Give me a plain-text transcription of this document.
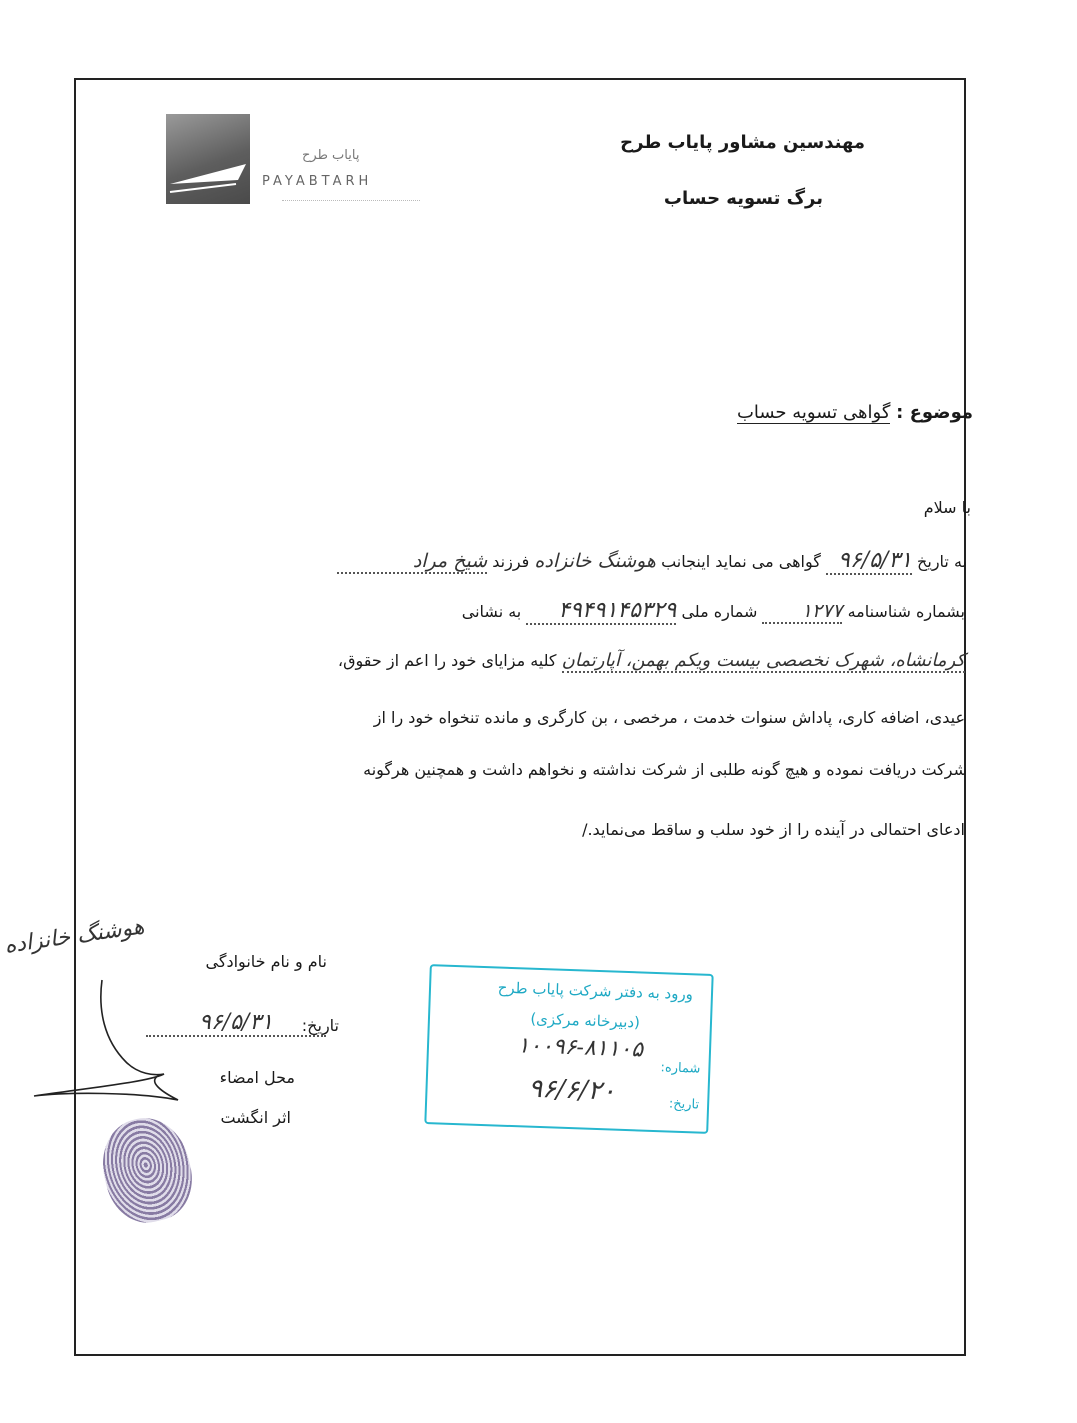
مهندسین مشاور پایاب طرح
برگ تسویه حساب
پایاب طرح
PAYABTARH
موضوع : گواهی تسویه حساب
با سلام
به تاریخ ۹۶/۵/۳۱ گواهی می نماید اینجانب هوشنگ خانزاده فرزند شیخ مراد
بشماره شناسنامه ۱۲۷۷ شماره ملی ۴۹۴۹۱۴۵۳۲۹ به نشانی
کرمانشاه، شهرک نخصصی بیست ویکم بهمن، آپارتمان کلیه مزایای خود را اعم از حقوق،
عیدی، اضافه کاری، پاداش سنوات خدمت ، مرخصی ، بن کارگری و مانده تنخواه خود را از
شرکت دریافت نموده و هیچ گونه طلبی از شرکت نداشته و نخواهم داشت و همچنین هرگونه
ادعای احتمالی در آینده را از خود سلب و ساقط می‌نماید./
نام و نام خانوادگی
هوشنگ خانزاده
تاریخ:
۹۶/۵/۳۱
محل امضاء
اثر انگشت
ورود به دفتر شرکت پایاب طرح
(دبیرخانه مرکزی)
شماره:
۱۰۰۹۶-۸۱۱۰۵
تاریخ:
۹۶/۶/۲۰
